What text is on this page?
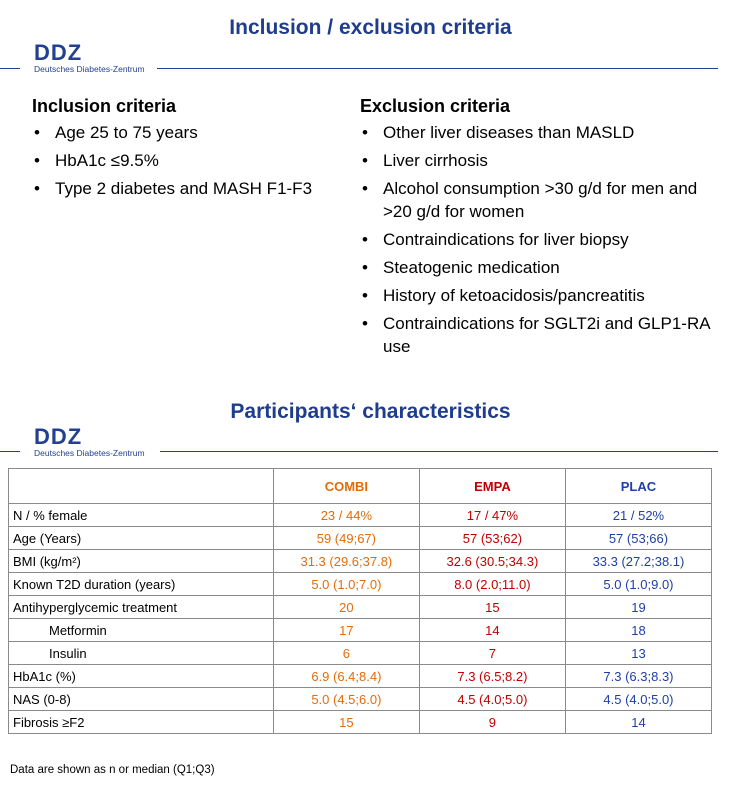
Inclusion / exclusion criteria
DDZ
Deutsches Diabetes-Zentrum
Inclusion criteria
• Age 25 to 75 years
• HbA1c ≤9.5%
• Type 2 diabetes and MASH F1-F3
Exclusion criteria
• Other liver diseases than MASLD
• Liver cirrhosis
• Alcohol consumption >30 g/d for men and >20 g/d for women
• Contraindications for liver biopsy
• Steatogenic medication
• History of ketoacidosis/pancreatitis
• Contraindications for SGLT2i and GLP1-RA use
Participants‘ characteristics
DDZ
Deutsches Diabetes-Zentrum
	COMBI	EMPA	PLAC
N / % female	23 / 44%	17 / 47%	21 / 52%
Age (Years)	59 (49;67)	57 (53;62)	57 (53;66)
BMI (kg/m²)	31.3 (29.6;37.8)	32.6 (30.5;34.3)	33.3 (27.2;38.1)
Known T2D duration (years)	5.0 (1.0;7.0)	8.0 (2.0;11.0)	5.0 (1.0;9.0)
Antihyperglycemic treatment	20	15	19
Metformin	17	14	18
Insulin	6	7	13
HbA1c (%)	6.9 (6.4;8.4)	7.3 (6.5;8.2)	7.3 (6.3;8.3)
NAS (0-8)	5.0 (4.5;6.0)	4.5 (4.0;5.0)	4.5 (4.0;5.0)
Fibrosis ≥F2	15	9	14
Data are shown as n or median (Q1;Q3)
